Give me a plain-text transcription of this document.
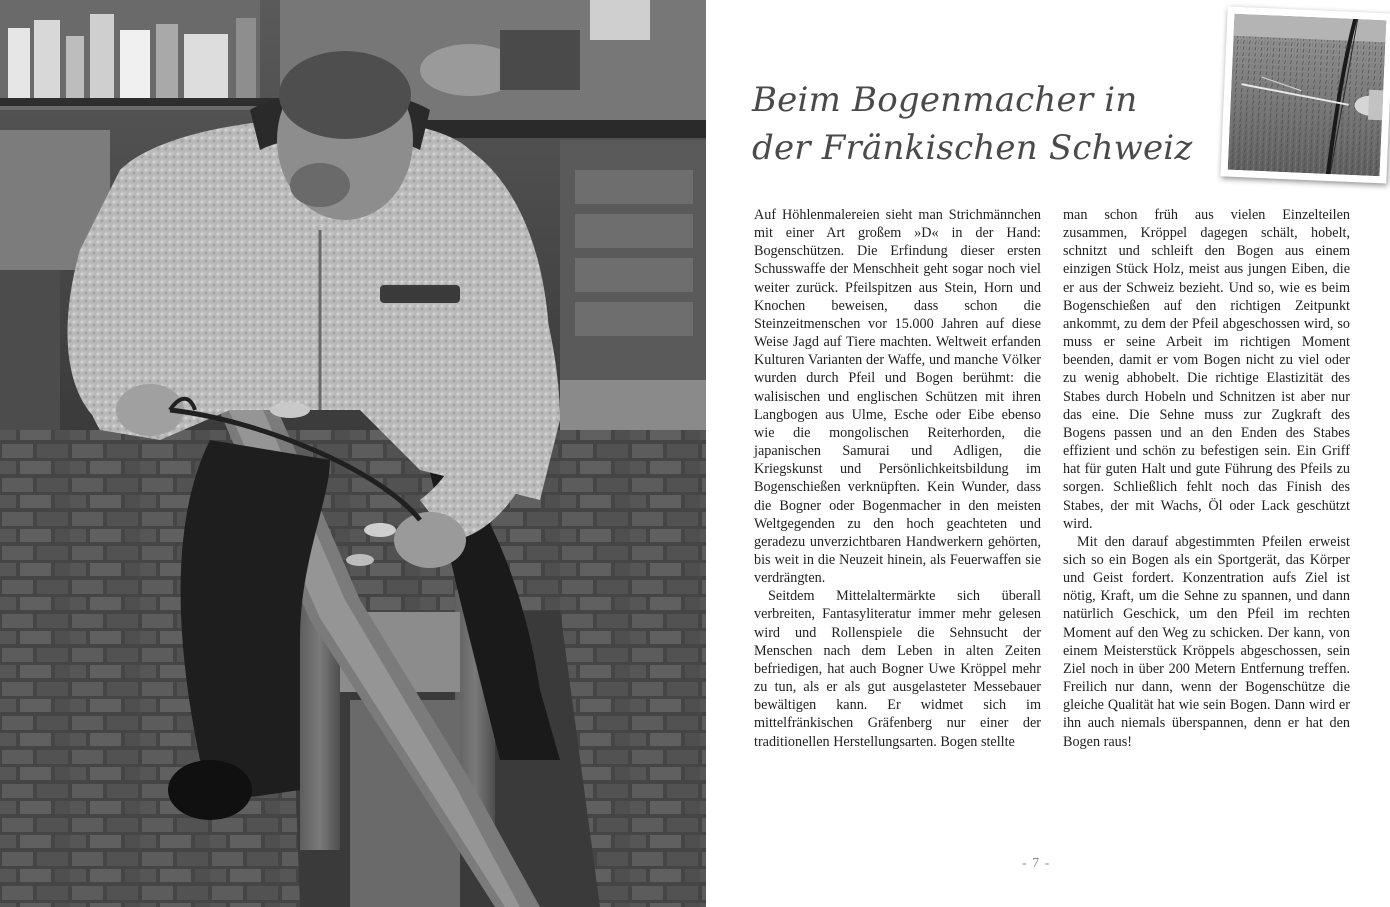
Beim Bogenmacher in
der Fränkischen Schweiz

Auf Höhlenmalereien sieht man Strichmännchen mit einer Art großem »D« in der Hand: Bogenschützen. Die Erfindung dieser ersten Schusswaffe der Menschheit geht sogar noch viel weiter zurück. Pfeilspitzen aus Stein, Horn und Knochen beweisen, dass schon die Steinzeitmenschen vor 15.000 Jahren auf diese Weise Jagd auf Tiere machten. Weltweit erfanden Kulturen Varianten der Waffe, und manche Völker wurden durch Pfeil und Bogen berühmt: die walisischen und englischen Schützen mit ihren Langbogen aus Ulme, Esche oder Eibe ebenso wie die mongolischen Reiterhorden, die japanischen Samurai und Adligen, die Kriegskunst und Persönlichkeitsbildung im Bogenschießen verknüpften. Kein Wunder, dass die Bogner oder Bogenmacher in den meisten Weltgegenden zu den hoch geachteten und geradezu unverzichtbaren Handwerkern gehörten, bis weit in die Neuzeit hinein, als Feuerwaffen sie verdrängten.

Seitdem Mittelaltermärkte sich überall verbreiten, Fantasyliteratur immer mehr gelesen wird und Rollenspiele die Sehnsucht der Menschen nach dem Leben in alten Zeiten befriedigen, hat auch Bogner Uwe Kröppel mehr zu tun, als er als gut ausgelasteter Messebauer bewältigen kann. Er widmet sich im mittelfränkischen Gräfenberg nur einer der traditionellen Herstellungsarten. Bogen stellte

man schon früh aus vielen Einzelteilen zusammen, Kröppel dagegen schält, hobelt, schnitzt und schleift den Bogen aus einem einzigen Stück Holz, meist aus jungen Eiben, die er aus der Schweiz bezieht. Und so, wie es beim Bogenschießen auf den richtigen Zeitpunkt ankommt, zu dem der Pfeil abgeschossen wird, so muss er seine Arbeit im richtigen Moment beenden, damit er vom Bogen nicht zu viel oder zu wenig abhobelt. Die richtige Elastizität des Stabes durch Hobeln und Schnitzen ist aber nur das eine. Die Sehne muss zur Zugkraft des Bogens passen und an den Enden des Stabes effizient und schön zu befestigen sein. Ein Griff hat für guten Halt und gute Führung des Pfeils zu sorgen. Schließlich fehlt noch das Finish des Stabes, der mit Wachs, Öl oder Lack geschützt wird.

Mit den darauf abgestimmten Pfeilen erweist sich so ein Bogen als ein Sportgerät, das Körper und Geist fordert. Konzentration aufs Ziel ist nötig, Kraft, um die Sehne zu spannen, und dann natürlich Geschick, um den Pfeil im rechten Moment auf den Weg zu schicken. Der kann, von einem Meisterstück Kröppels abgeschossen, sein Ziel noch in über 200 Metern Entfernung treffen. Freilich nur dann, wenn der Bogenschütze die gleiche Qualität hat wie sein Bogen. Dann wird er ihn auch niemals überspannen, denn er hat den Bogen raus!

- 7 -
